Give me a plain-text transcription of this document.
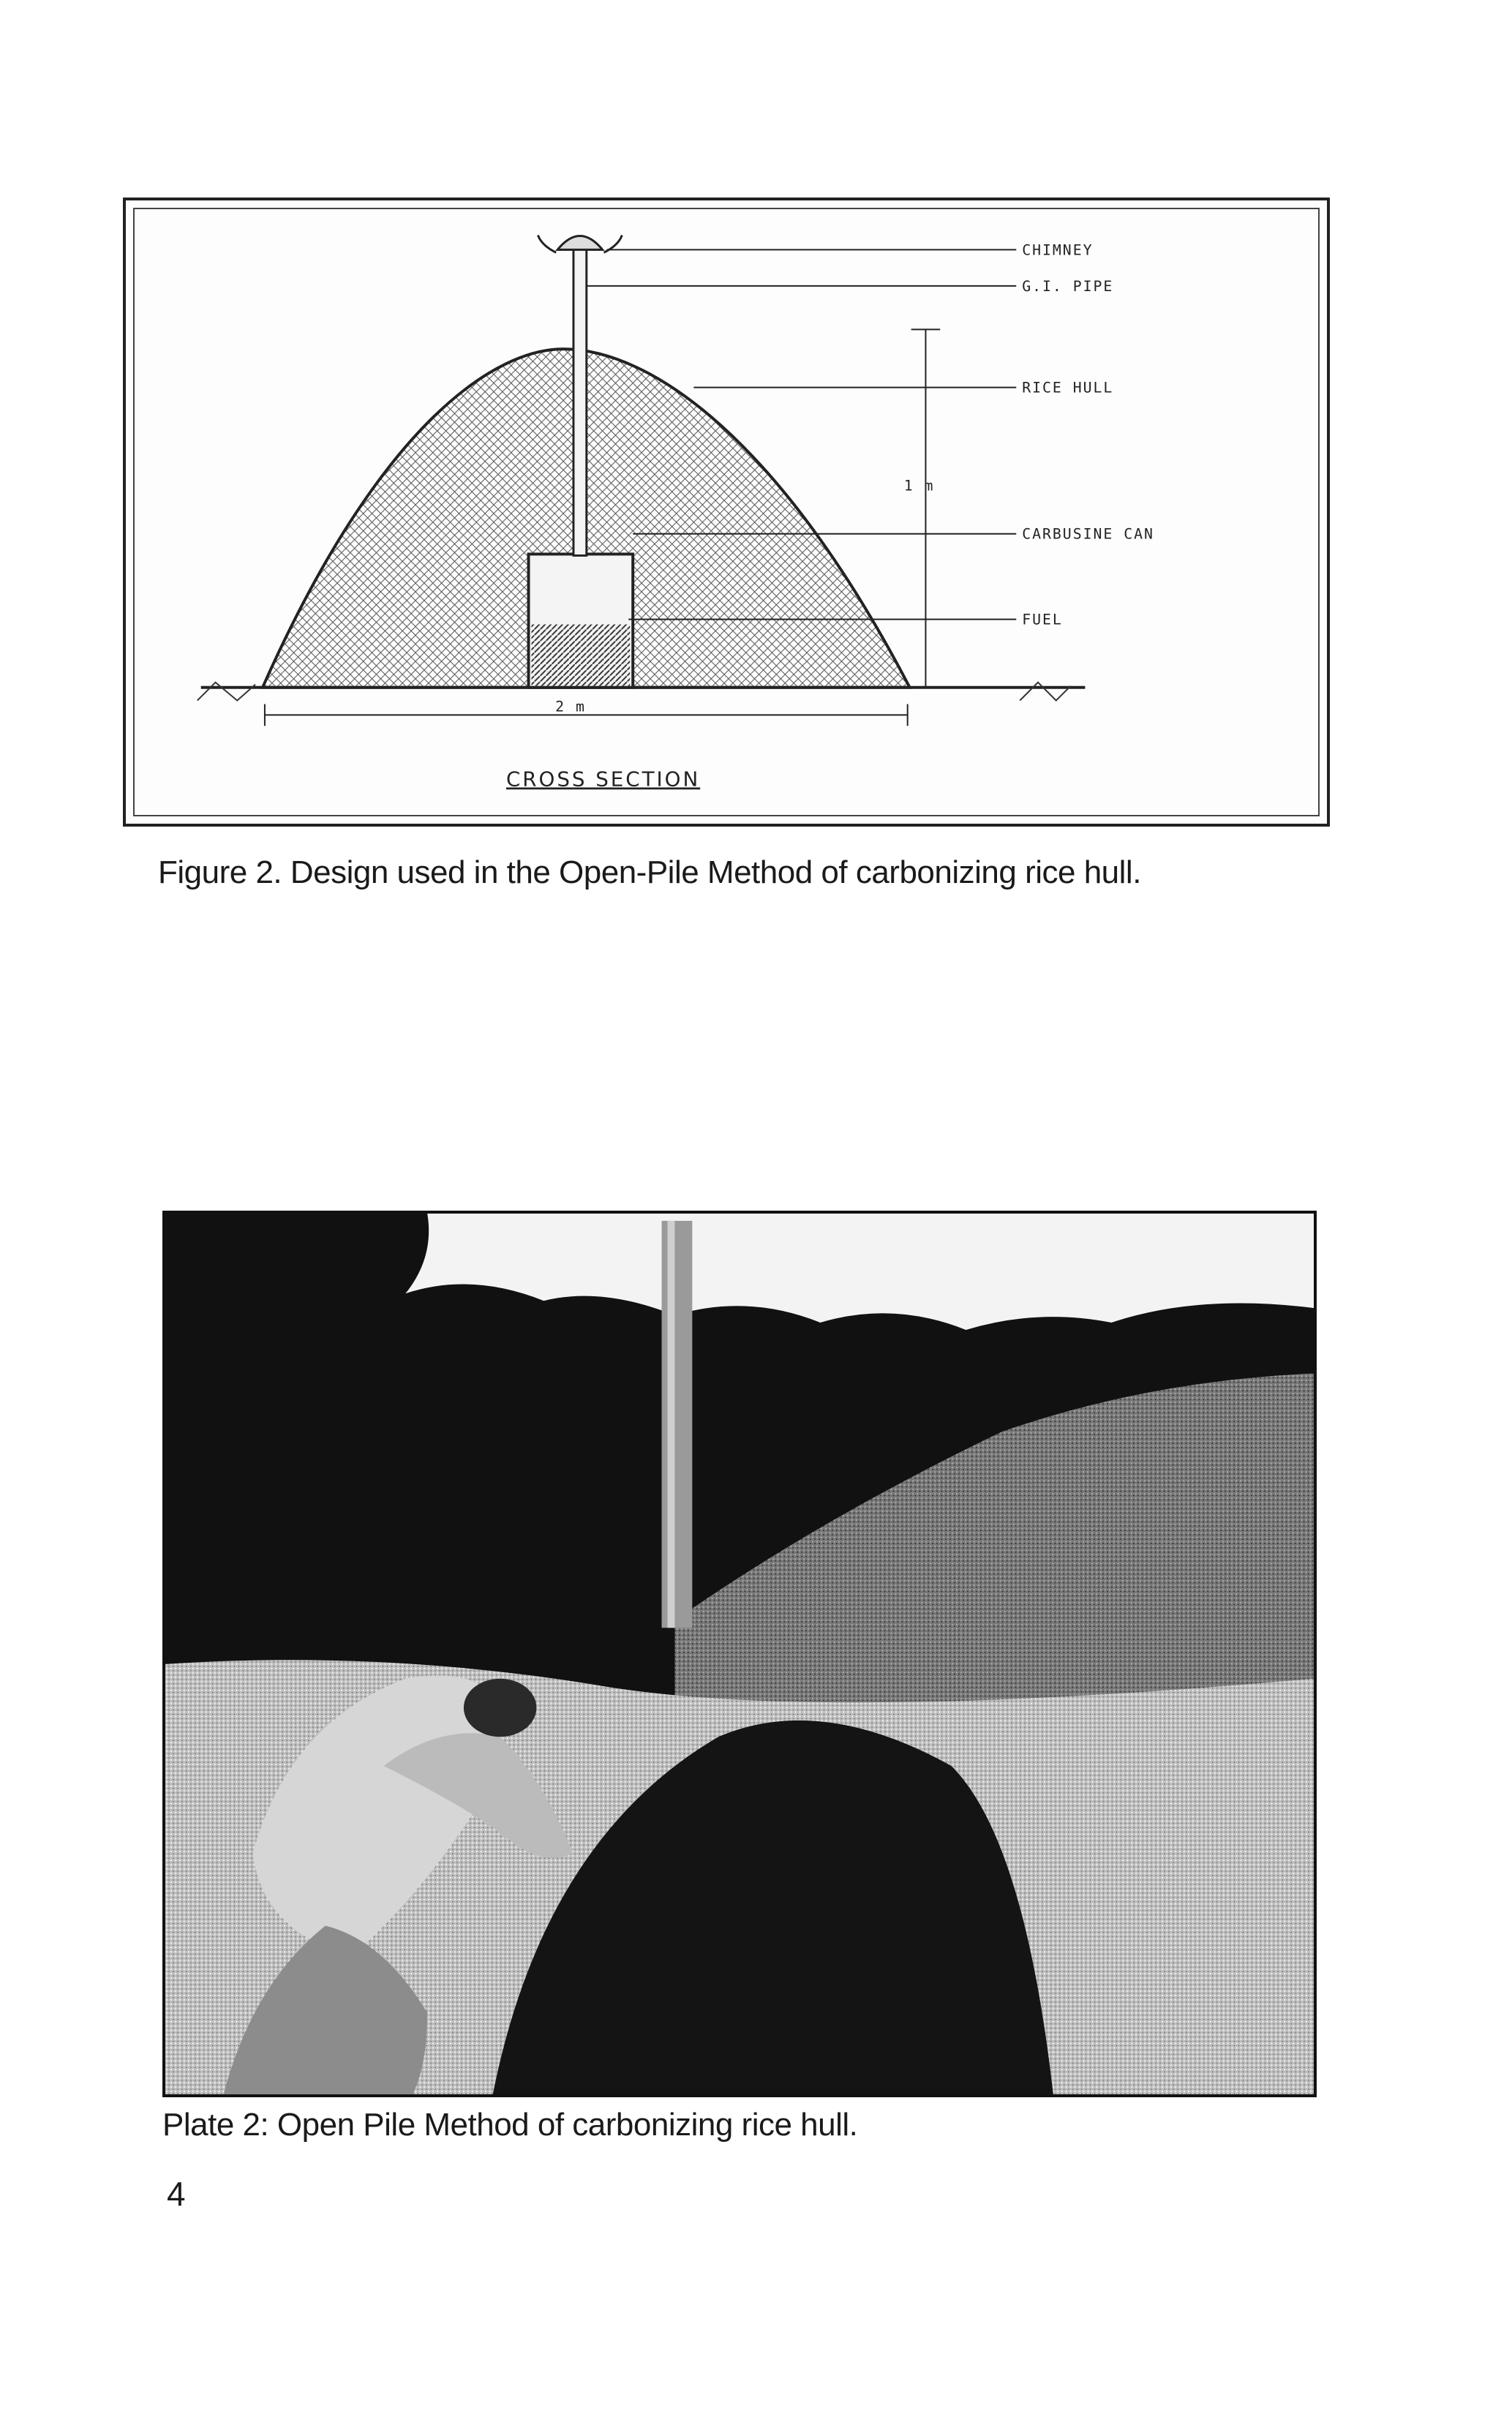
CHIMNEY
G.I. PIPE
RICE HULL
1 m
CARBUSINE CAN
FUEL
2 m
CROSS SECTION
Figure 2. Design used in the Open-Pile Method of carbonizing rice hull.
Plate 2: Open Pile Method of carbonizing rice hull.
4
